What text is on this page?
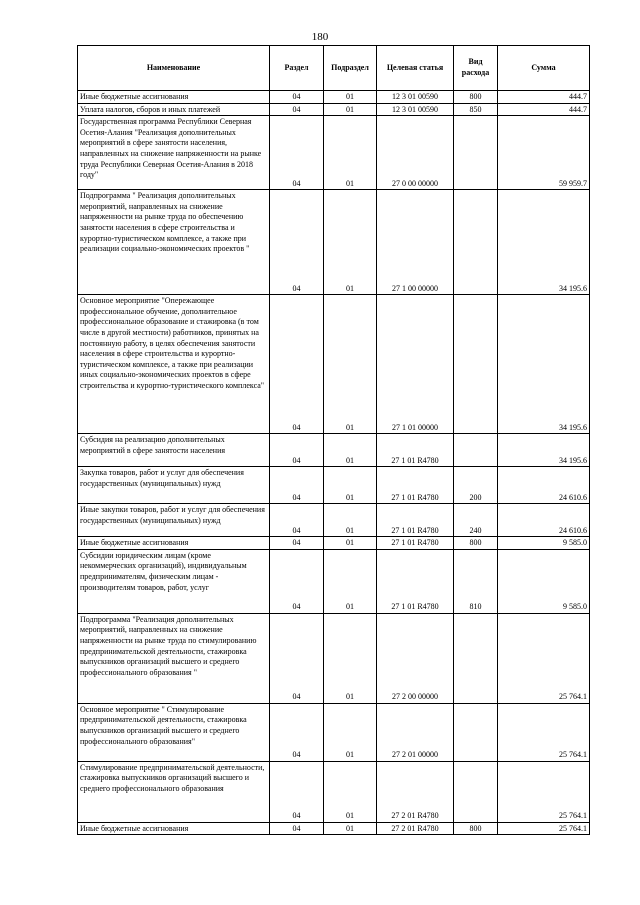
180
Наименование	Раздел	Подраздел	Целевая статья	Вид расхода	Сумма
Иные бюджетные ассигнования	04	01	12 3 01 00590	800	444.7
Уплата налогов, сборов и иных платежей	04	01	12 3 01 00590	850	444.7
Государственная программа Республики Северная Осетия-Алания "Реализация дополнительных мероприятий в сфере занятости населения, направленных на снижение напряженности на рынке труда Республики Северная Осетия-Алания в 2018 году"	04	01	27 0 00 00000		59 959.7
Подпрограмма " Реализация дополнительных мероприятий, направленных на снижение напряженности на рынке труда по обеспечению занятости населения в сфере строительства и курортно-туристическом комплексе, а также при реализации социально-экономических проектов "	04	01	27 1 00 00000		34 195.6
Основное мероприятие "Опережающее профессиональное обучение, дополнительное профессиональное образование и стажировка (в том числе в другой местности) работников, принятых на постоянную работу, в целях обеспечения занятости населения в сфере строительства и курортно-туристическом комплексе, а также при реализации иных социально-экономических проектов в сфере строительства и курортно-туристического комплекса"	04	01	27 1 01 00000		34 195.6
Субсидия на реализацию дополнительных мероприятий в сфере занятости населения	04	01	27 1 01 R4780		34 195.6
Закупка товаров, работ и услуг для обеспечения государственных (муниципальных) нужд	04	01	27 1 01 R4780	200	24 610.6
Иные закупки товаров, работ и услуг для обеспечения государственных (муниципальных) нужд	04	01	27 1 01 R4780	240	24 610.6
Иные бюджетные ассигнования	04	01	27 1 01 R4780	800	9 585.0
Субсидии юридическим лицам (кроме некоммерческих организаций), индивидуальным предпринимателям, физическим лицам - производителям товаров, работ, услуг	04	01	27 1 01 R4780	810	9 585.0
Подпрограмма "Реализация дополнительных мероприятий, направленных на снижение напряженности на рынке труда по стимулированию предпринимательской деятельности, стажировка выпускников организаций высшего и среднего профессионального образования "	04	01	27 2 00 00000		25 764.1
Основное мероприятие " Стимулирование предпринимательской деятельности, стажировка выпускников организаций высшего и среднего профессионального образования"	04	01	27 2 01 00000		25 764.1
Стимулирование предпринимательской деятельности, стажировка выпускников организаций высшего и среднего профессионального образования	04	01	27 2 01 R4780		25 764.1
Иные бюджетные ассигнования	04	01	27 2 01 R4780	800	25 764.1
